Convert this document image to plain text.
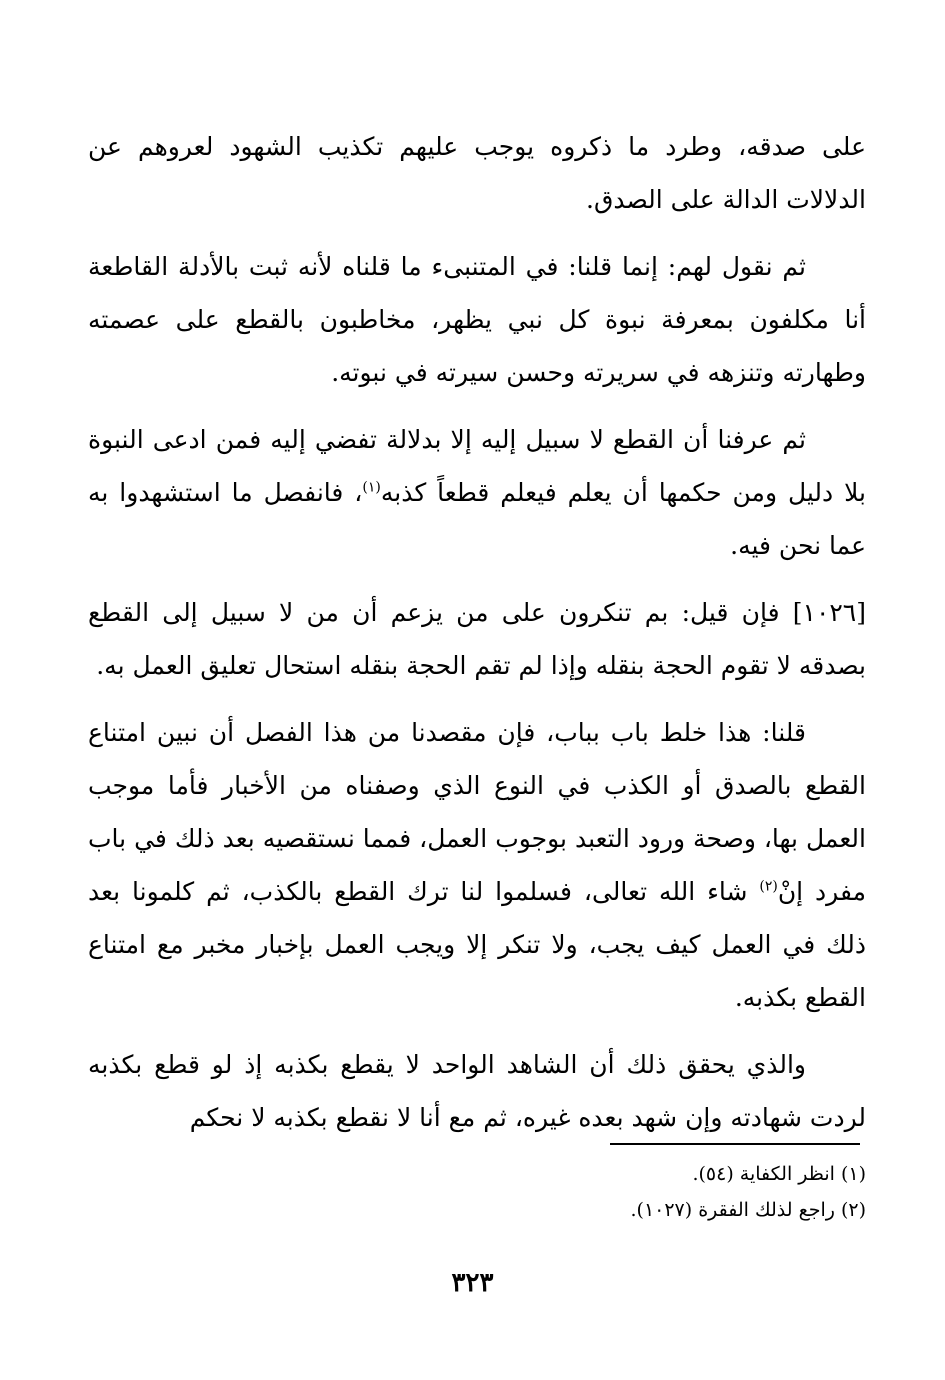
على صدقه، وطرد ما ذكروه يوجب عليهم تكذيب الشهود لعروهم عن الدلالات الدالة على الصدق.

ثم نقول لهم: إنما قلنا: في المتنبىء ما قلناه لأنه ثبت بالأدلة القاطعة أنا مكلفون بمعرفة نبوة كل نبي يظهر، مخاطبون بالقطع على عصمته وطهارته وتنزهه في سريرته وحسن سيرته في نبوته.

ثم عرفنا أن القطع لا سبيل إليه إلا بدلالة تفضي إليه فمن ادعى النبوة بلا دليل ومن حكمها أن يعلم فيعلم قطعاً كذبه$^{(١)}$، فانفصل ما استشهدوا به عما نحن فيه.

[١٠٢٦] فإن قيل: بم تنكرون على من يزعم أن من لا سبيل إلى القطع بصدقه لا تقوم الحجة بنقله وإذا لم تقم الحجة بنقله استحال تعليق العمل به.

قلنا: هذا خلط باب بباب، فإن مقصدنا من هذا الفصل أن نبين امتناع القطع بالصدق أو الكذب في النوع الذي وصفناه من الأخبار فأما موجب العمل بها، وصحة ورود التعبد بوجوب العمل، فمما نستقصيه بعد ذلك في باب مفرد إنْ$^{(٢)}$ شاء الله تعالى، فسلموا لنا ترك القطع بالكذب، ثم كلمونا بعد ذلك في العمل كيف يجب، ولا تنكر إلا ويجب العمل بإخبار مخبر مع امتناع القطع بكذبه.

والذي يحقق ذلك أن الشاهد الواحد لا يقطع بكذبه إذ لو قطع بكذبه لردت شهادته وإن شهد بعده غيره، ثم مع أنا لا نقطع بكذبه لا نحكم

(١) انظر الكفاية (٥٤).

(٢) راجع لذلك الفقرة (١٠٢٧).

٣٢٣
